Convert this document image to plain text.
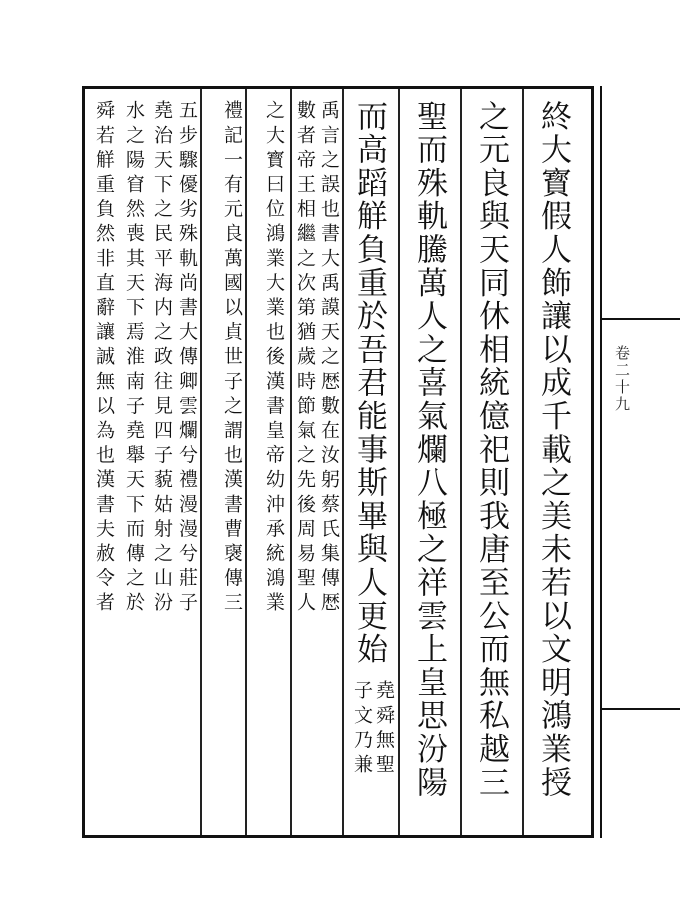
卷二十九
終大寳假人飾讓以成千載之美未若以文明鴻業授
之元良與天同休相統億祀則我唐至公而無私越三
聖而殊軌騰萬人之喜氣爛八極之祥雲上皇思汾陽
而高蹈觧負重於吾君能事斯畢與人更始
堯舜無聖
子文乃兼
禹言之誤也書大禹謨天之厯數在汝躬蔡氏集傳厯
數者帝王相繼之次第猶歲時節氣之先後周易聖人
之大寳曰位鴻業大業也後漢書皇帝幼沖承統鴻業
禮記一有元良萬國以貞世子之謂也漢書曹襃傳三
五步驟優劣殊軌尚書大傳卿雲爛兮禮漫漫兮莊子
堯治天下之民平海内之政往見四子藐姑射之山汾
水之陽窅然喪其天下焉淮南子堯舉天下而傳之於
舜若觧重負然非直辭讓誠無以為也漢書夫赦令者
